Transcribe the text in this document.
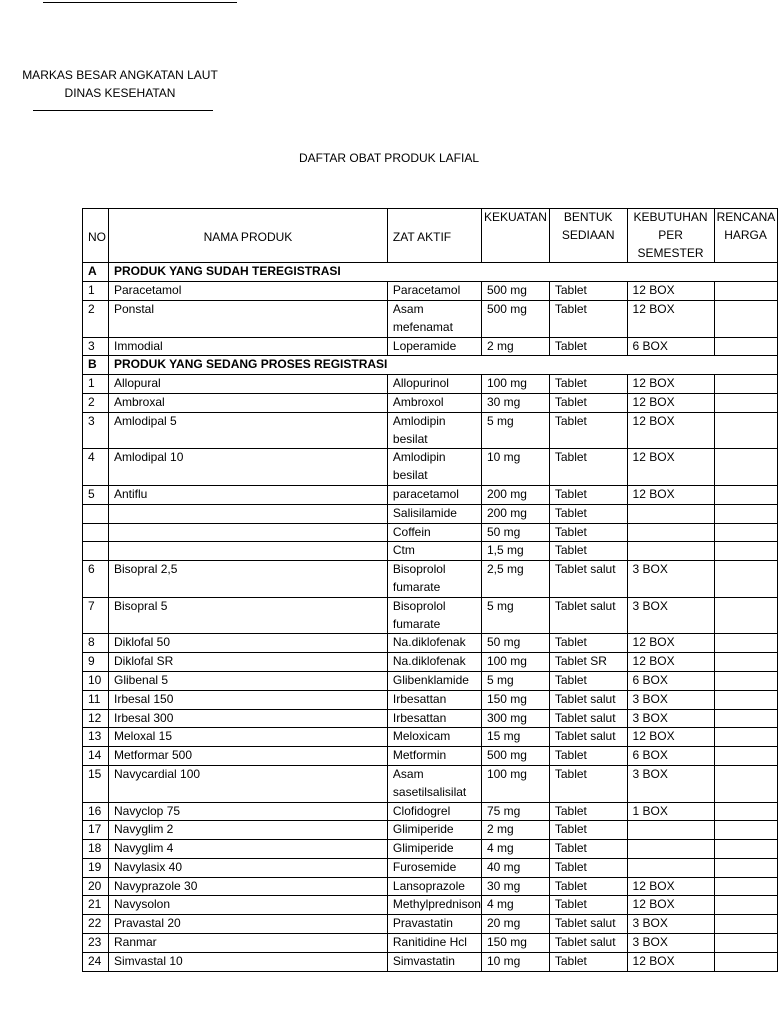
MARKAS BESAR ANGKATAN LAUT
DINAS KESEHATAN
DAFTAR OBAT PRODUK LAFIAL
NO	NAMA PRODUK	ZAT AKTIF	KEKUATAN	BENTUK SEDIAAN	KEBUTUHAN PER SEMESTER	RENCANA HARGA
A	PRODUK YANG SUDAH TEREGISTRASI					
1	Paracetamol	Paracetamol	500 mg	Tablet	12 BOX	
2	Ponstal	Asam mefenamat	500 mg	Tablet	12 BOX	
3	Immodial	Loperamide	2 mg	Tablet	6 BOX	
B	PRODUK YANG SEDANG PROSES REGISTRASI					
1	Allopural	Allopurinol	100 mg	Tablet	12 BOX	
2	Ambroxal	Ambroxol	30 mg	Tablet	12 BOX	
3	Amlodipal 5	Amlodipin besilat	5 mg	Tablet	12 BOX	
4	Amlodipal 10	Amlodipin besilat	10 mg	Tablet	12 BOX	
5	Antiflu	paracetamol	200 mg	Tablet	12 BOX	
		Salisilamide	200 mg	Tablet		
		Coffein	50 mg	Tablet		
		Ctm	1,5 mg	Tablet		
6	Bisopral 2,5	Bisoprolol fumarate	2,5 mg	Tablet salut	3 BOX	
7	Bisopral 5	Bisoprolol fumarate	5 mg	Tablet salut	3 BOX	
8	Diklofal 50	Na.diklofenak	50 mg	Tablet	12 BOX	
9	Diklofal SR	Na.diklofenak	100 mg	Tablet SR	12 BOX	
10	Glibenal 5	Glibenklamide	5 mg	Tablet	6 BOX	
11	Irbesal 150	Irbesattan	150 mg	Tablet salut	3 BOX	
12	Irbesal 300	Irbesattan	300 mg	Tablet salut	3 BOX	
13	Meloxal 15	Meloxicam	15 mg	Tablet salut	12 BOX	
14	Metformar 500	Metformin	500 mg	Tablet	6 BOX	
15	Navycardial 100	Asam sasetilsalisilat	100 mg	Tablet	3 BOX	
16	Navyclop 75	Clofidogrel	75 mg	Tablet	1 BOX	
17	Navyglim 2	Glimiperide	2 mg	Tablet		
18	Navyglim 4	Glimiperide	4 mg	Tablet		
19	Navylasix 40	Furosemide	40 mg	Tablet		
20	Navyprazole 30	Lansoprazole	30 mg	Tablet	12 BOX	
21	Navysolon	Methylprednison	4 mg	Tablet	12 BOX	
22	Pravastal 20	Pravastatin	20 mg	Tablet salut	3 BOX	
23	Ranmar	Ranitidine Hcl	150 mg	Tablet salut	3 BOX	
24	Simvastal 10	Simvastatin	10 mg	Tablet	12 BOX	
